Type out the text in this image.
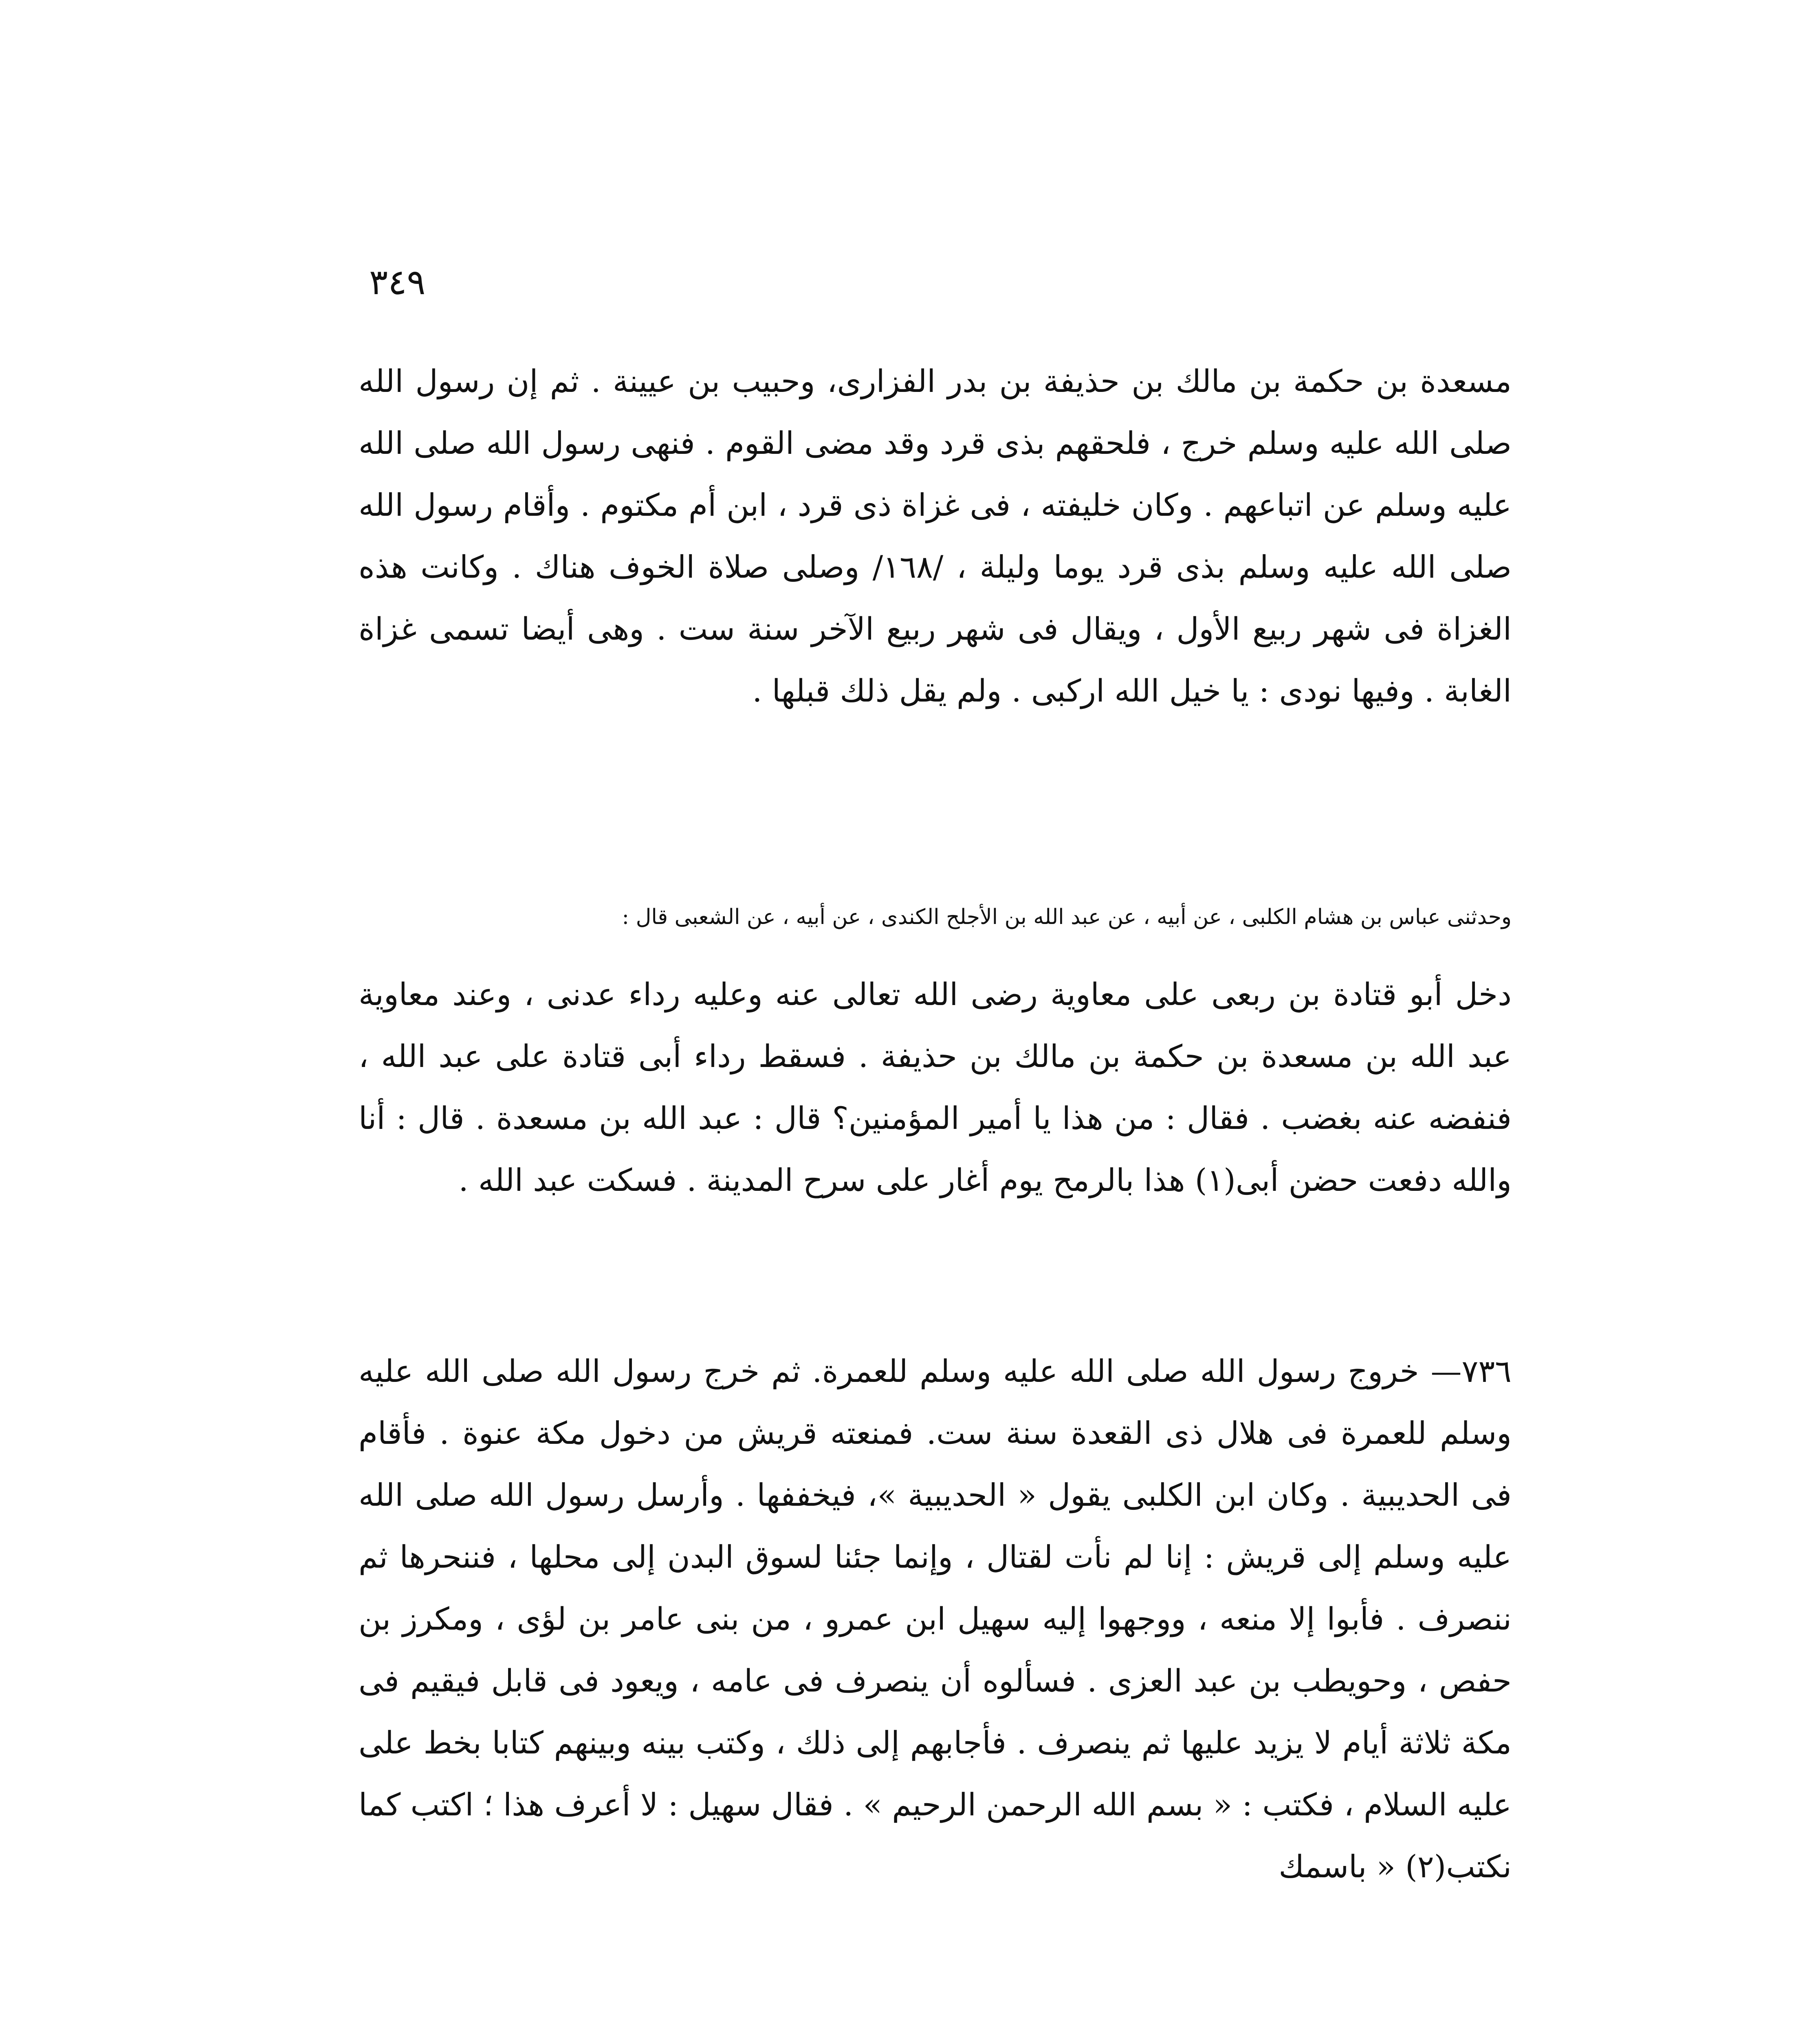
٣٤٩

مسعدة بن حكمة بن مالك بن حذيفة بن بدر الفزارى، وحبيب بن عيينة . ثم إن رسول الله صلى الله عليه وسلم خرج ، فلحقهم بذى قرد وقد مضى القوم . فنهى رسول الله صلى الله عليه وسلم عن اتباعهم . وكان خليفته ، فى غزاة ذى قرد ، ابن أم مكتوم . وأقام رسول الله صلى الله عليه وسلم بذى قرد يوما وليلة ، /١٦٨/ وصلى صلاة الخوف هناك . وكانت هذه الغزاة فى شهر ربيع الأول ، ويقال فى شهر ربيع الآخر سنة ست . وهى أيضا تسمى غزاة الغابة . وفيها نودى : يا خيل الله اركبى . ولم يقل ذلك قبلها .

وحدثنى عباس بن هشام الكلبى ، عن أبيه ، عن عبد الله بن الأجلح الكندى ، عن أبيه ، عن الشعبى قال :

دخل أبو قتادة بن ربعى على معاوية رضى الله تعالى عنه وعليه رداء عدنى ، وعند معاوية عبد الله بن مسعدة بن حكمة بن مالك بن حذيفة . فسقط رداء أبى قتادة على عبد الله ، فنفضه عنه بغضب . فقال : من هذا يا أمير المؤمنين؟ قال : عبد الله بن مسعدة . قال : أنا والله دفعت حضن أبى(١) هذا بالرمح يوم أغار على سرح المدينة . فسكت عبد الله .

٧٣٦— خروج رسول الله صلى الله عليه وسلم للعمرة. ثم خرج رسول الله صلى الله عليه وسلم للعمرة فى هلال ذى القعدة سنة ست. فمنعته قريش من دخول مكة عنوة . فأقام فى الحديبية . وكان ابن الكلبى يقول « الحديبية »، فيخففها . وأرسل رسول الله صلى الله عليه وسلم إلى قريش : إنا لم نأت لقتال ، وإنما جئنا لسوق البدن إلى محلها ، فننحرها ثم ننصرف . فأبوا إلا منعه ، ووجهوا إليه سهيل ابن عمرو ، من بنى عامر بن لؤى ، ومكرز بن حفص ، وحويطب بن عبد العزى . فسألوه أن ينصرف فى عامه ، ويعود فى قابل فيقيم فى مكة ثلاثة أيام لا يزيد عليها ثم ينصرف . فأجابهم إلى ذلك ، وكتب بينه وبينهم كتابا بخط على عليه السلام ، فكتب : « بسم الله الرحمن الرحيم » . فقال سهيل : لا أعرف هذا ؛ اكتب كما نكتب(٢) « باسمك
